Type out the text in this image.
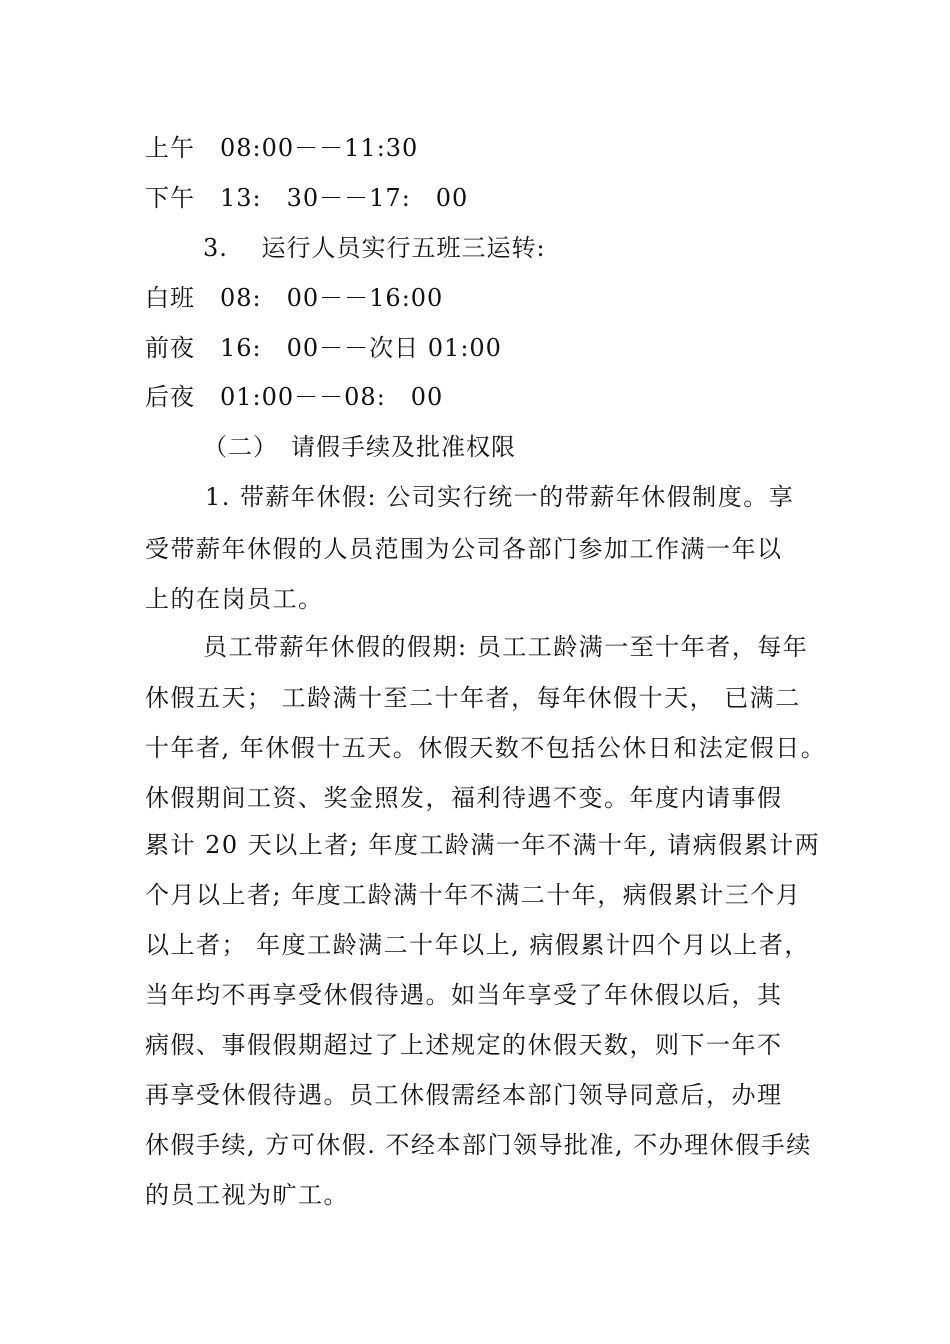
上午　08:00－－11:30
下午　13:　30－－17:　00
3.　 运行人员实行五班三运转:
白班　08:　00－－16:00
前夜　16:　00－－次日 01:00
后夜　01:00－－08:　00
（二）　请假手续及批准权限
1. 带薪年休假: 公司实行统一的带薪年休假制度。享
受带薪年休假的人员范围为公司各部门参加工作满一年以
上的在岗员工。
员工带薪年休假的假期: 员工工龄满一至十年者，每年
休假五天； 工龄满十至二十年者，每年休假十天， 已满二
十年者, 年休假十五天。休假天数不包括公休日和法定假日。
休假期间工资、奖金照发，福利待遇不变。年度内请事假
累计 20 天以上者; 年度工龄满一年不满十年, 请病假累计两
个月以上者; 年度工龄满十年不满二十年，病假累计三个月
以上者； 年度工龄满二十年以上, 病假累计四个月以上者，
当年均不再享受休假待遇。如当年享受了年休假以后，其
病假、事假假期超过了上述规定的休假天数，则下一年不
再享受休假待遇。员工休假需经本部门领导同意后，办理
休假手续, 方可休假. 不经本部门领导批准, 不办理休假手续
的员工视为旷工。
